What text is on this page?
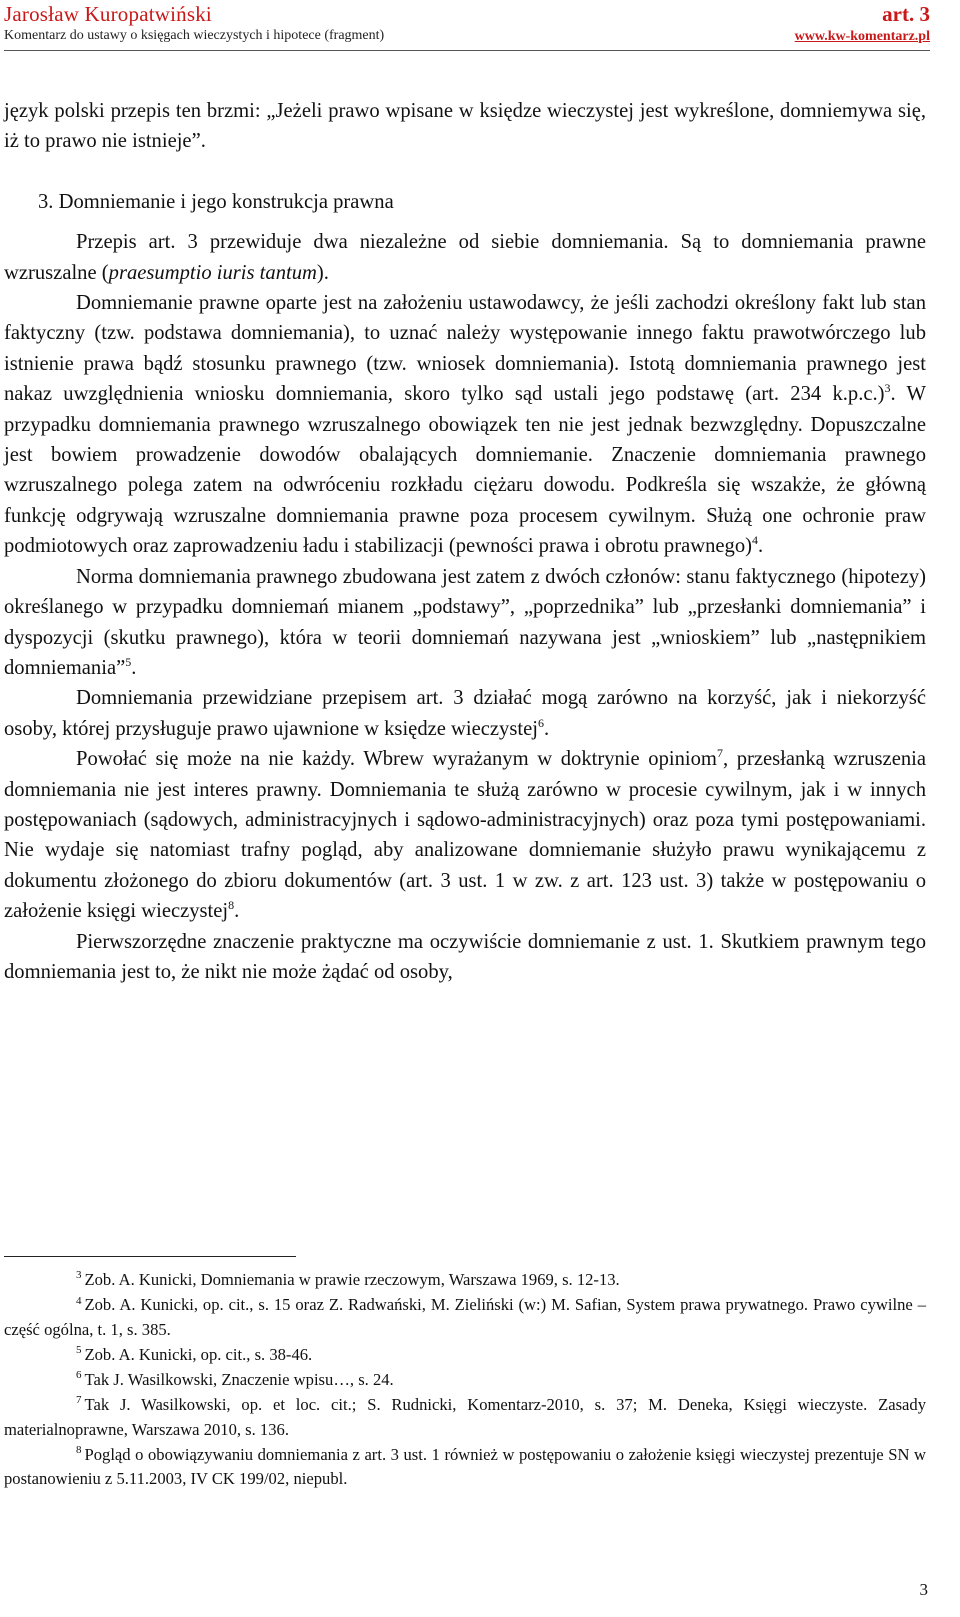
Jarosław Kuropatwiński
Komentarz do ustawy o księgach wieczystych i hipotece (fragment)
art. 3
www.kw-komentarz.pl

język polski przepis ten brzmi: „Jeżeli prawo wpisane w księdze wieczystej jest wykreślone, domniemywa się, iż to prawo nie istnieje”.

3. Domniemanie i jego konstrukcja prawna

Przepis art. 3 przewiduje dwa niezależne od siebie domniemania. Są to domniemania prawne wzruszalne (praesumptio iuris tantum).

Domniemanie prawne oparte jest na założeniu ustawodawcy, że jeśli zachodzi określony fakt lub stan faktyczny (tzw. podstawa domniemania), to uznać należy występowanie innego faktu prawotwórczego lub istnienie prawa bądź stosunku prawnego (tzw. wniosek domniemania). Istotą domniemania prawnego jest nakaz uwzględnienia wniosku domniemania, skoro tylko sąd ustali jego podstawę (art. 234 k.p.c.)$^3$. W przypadku domniemania prawnego wzruszalnego obowiązek ten nie jest jednak bezwzględny. Dopuszczalne jest bowiem prowadzenie dowodów obalających domniemanie. Znaczenie domniemania prawnego wzruszalnego polega zatem na odwróceniu rozkładu ciężaru dowodu. Podkreśla się wszakże, że główną funkcję odgrywają wzruszalne domniemania prawne poza procesem cywilnym. Służą one ochronie praw podmiotowych oraz zaprowadzeniu ładu i stabilizacji (pewności prawa i obrotu prawnego)$^4$.

Norma domniemania prawnego zbudowana jest zatem z dwóch członów: stanu faktycznego (hipotezy) określanego w przypadku domniemań mianem „podstawy”, „poprzednika” lub „przesłanki domniemania” i dyspozycji (skutku prawnego), która w teorii domniemań nazywana jest „wnioskiem” lub „następnikiem domniemania”$^5$.

Domniemania przewidziane przepisem art. 3 działać mogą zarówno na korzyść, jak i niekorzyść osoby, której przysługuje prawo ujawnione w księdze wieczystej$^6$.

Powołać się może na nie każdy. Wbrew wyrażanym w doktrynie opiniom$^7$, przesłanką wzruszenia domniemania nie jest interes prawny. Domniemania te służą zarówno w procesie cywilnym, jak i w innych postępowaniach (sądowych, administracyjnych i sądowo-administracyjnych) oraz poza tymi postępowaniami. Nie wydaje się natomiast trafny pogląd, aby analizowane domniemanie służyło prawu wynikającemu z dokumentu złożonego do zbioru dokumentów (art. 3 ust. 1 w zw. z art. 123 ust. 3) także w postępowaniu o założenie księgi wieczystej$^8$.

Pierwszorzędne znaczenie praktyczne ma oczywiście domniemanie z ust. 1. Skutkiem prawnym tego domniemania jest to, że nikt nie może żądać od osoby,

$^3$ Zob. A. Kunicki, Domniemania w prawie rzeczowym, Warszawa 1969, s. 12-13.

$^4$ Zob. A. Kunicki, op. cit., s. 15 oraz Z. Radwański, M. Zieliński (w:) M. Safian, System prawa prywatnego. Prawo cywilne – część ogólna, t. 1, s. 385.

$^5$ Zob. A. Kunicki, op. cit., s. 38-46.

$^6$ Tak J. Wasilkowski, Znaczenie wpisu…, s. 24.

$^7$ Tak J. Wasilkowski, op. et loc. cit.; S. Rudnicki, Komentarz-2010, s. 37; M. Deneka, Księgi wieczyste. Zasady materialnoprawne, Warszawa 2010, s. 136.

$^8$ Pogląd o obowiązywaniu domniemania z art. 3 ust. 1 również w postępowaniu o założenie księgi wieczystej prezentuje SN w postanowieniu z 5.11.2003, IV CK 199/02, niepubl.

3
